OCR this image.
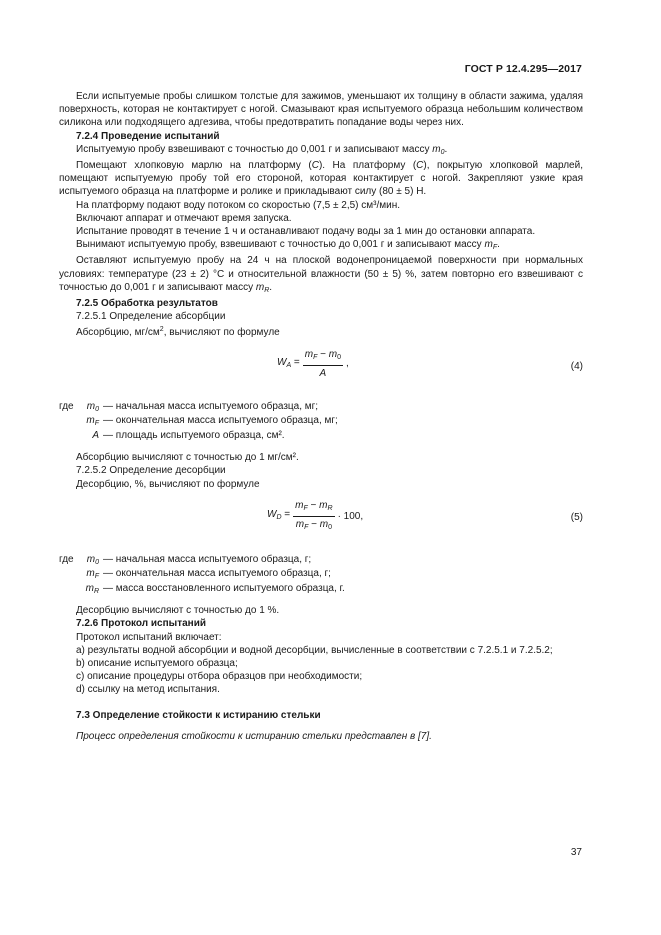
ГОСТ Р 12.4.295—2017

Если испытуемые пробы слишком толстые для зажимов, уменьшают их толщину в области зажима, удаляя поверхность, которая не контактирует с ногой. Смазывают края испытуемого образца небольшим количеством силикона или подходящего адгезива, чтобы предотвратить попадание воды через них.

7.2.4 Проведение испытаний

Испытуемую пробу взвешивают с точностью до 0,001 г и записывают массу $m_0$.

Помещают хлопковую марлю на платформу (C). На платформу (C), покрытую хлопковой марлей, помещают испытуемую пробу той его стороной, которая контактирует с ногой. Закрепляют узкие края испытуемого образца на платформе и ролике и прикладывают силу (80 ± 5) Н.

На платформу подают воду потоком со скоростью (7,5 ± 2,5) см³/мин.

Включают аппарат и отмечают время запуска.

Испытание проводят в течение 1 ч и останавливают подачу воды за 1 мин до остановки аппарата.

Вынимают испытуемую пробу, взвешивают с точностью до 0,001 г и записывают массу $m_F$.

Оставляют испытуемую пробу на 24 ч на плоской водонепроницаемой поверхности при нормальных условиях: температуре (23 ± 2) °С и относительной влажности (50 ± 5) %, затем повторно его взвешивают с точностью до 0,001 г и записывают массу $m_R$.

7.2.5 Обработка результатов

7.2.5.1 Определение абсорбции

Абсорбцию, $мг/см^2$, вычисляют по формуле

$W_A = \frac{m_F - m_0}{A}$ ,	(4)
где	$m_0$ — начальная масса испытуемого образца, мг;
$m_F$ — окончательная масса испытуемого образца, мг;
A — площадь испытуемого образца, см².

Абсорбцию вычисляют с точностью до 1 мг/см².

7.2.5.2 Определение десорбции

Десорбцию, %, вычисляют по формуле

$W_D = \frac{m_F - m_R}{m_F - m_0} \cdot 100$,	(5)
где	$m_0$ — начальная масса испытуемого образца, г;
$m_F$ — окончательная масса испытуемого образца, г;
$m_R$ — масса восстановленного испытуемого образца, г.

Десорбцию вычисляют с точностью до 1 %.

7.2.6 Протокол испытаний

Протокол испытаний включает:

a) результаты водной абсорбции и водной десорбции, вычисленные в соответствии с 7.2.5.1 и 7.2.5.2;

b) описание испытуемого образца;

c) описание процедуры отбора образцов при необходимости;

d) ссылку на метод испытания.

7.3 Определение стойкости к истиранию стельки

Процесс определения стойкости к истиранию стельки представлен в [7].

37
